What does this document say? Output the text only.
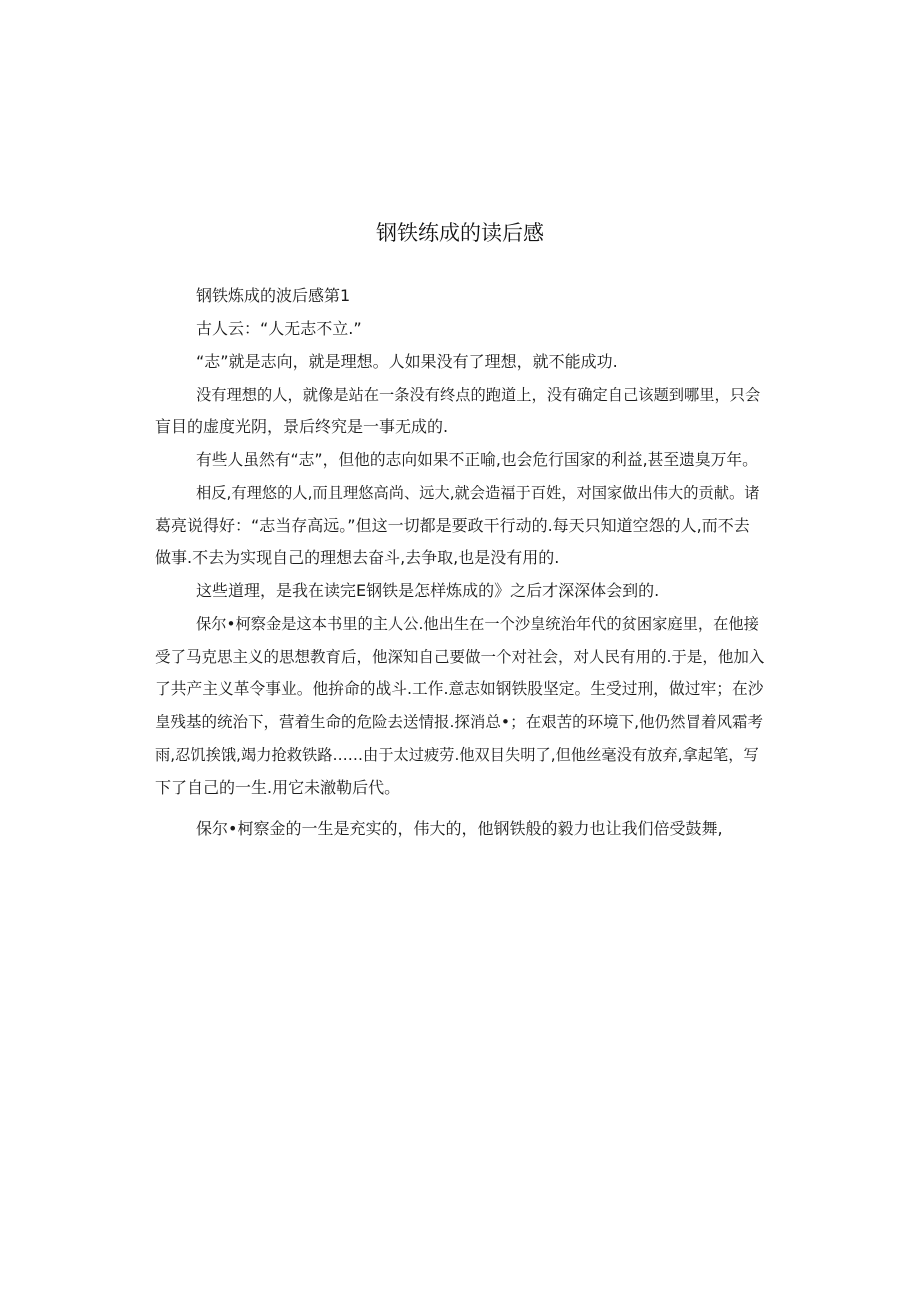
钢铁练成的读后感
钢铁炼成的波后感第1
古人云：“人无志不立.”
“志”就是志向，就是理想。人如果没有了理想，就不能成功.
没有理想的人，就像是站在一条没有终点的跑道上，没有确定自己该题到哪里，只会
盲目的虚度光阴，景后终究是一事无成的.
有些人虽然有“志”，但他的志向如果不正喻,也会危行国家的利益,甚至遗臭万年。
相反,有理悠的人,而且理悠高尚、远大,就会造福于百姓，对国家做出伟大的贡献。诸
葛亮说得好：“志当存高远。”但这一切都是要政干行动的.每天只知道空怨的人,而不去
做事.不去为实现自己的理想去奋斗,去争取,也是没有用的.
这些道理，是我在读完E钢铁是怎样炼成的》之后才深深体会到的.
保尔•柯察金是这本书里的主人公.他出生在一个沙皇统治年代的贫困家庭里，在他接
受了马克思主义的思想教育后，他深知自己要做一个对社会，对人民有用的.于是，他加入
了共产主义革令事业。他拚命的战斗.工作.意志如钢铁股坚定。生受过刑，做过牢；在沙
皇残基的统治下，营着生命的危险去送情报.探消总•；在艰苦的环境下,他仍然冒着风霜考
雨,忍饥挨饿,竭力抢救铁路……由于太过疲劳.他双目失明了,但他丝毫没有放弃,拿起笔，写
下了自己的一生.用它未澈勒后代。
保尔•柯察金的一生是充实的，伟大的，他钢铁般的毅力也让我们倍受鼓舞,
